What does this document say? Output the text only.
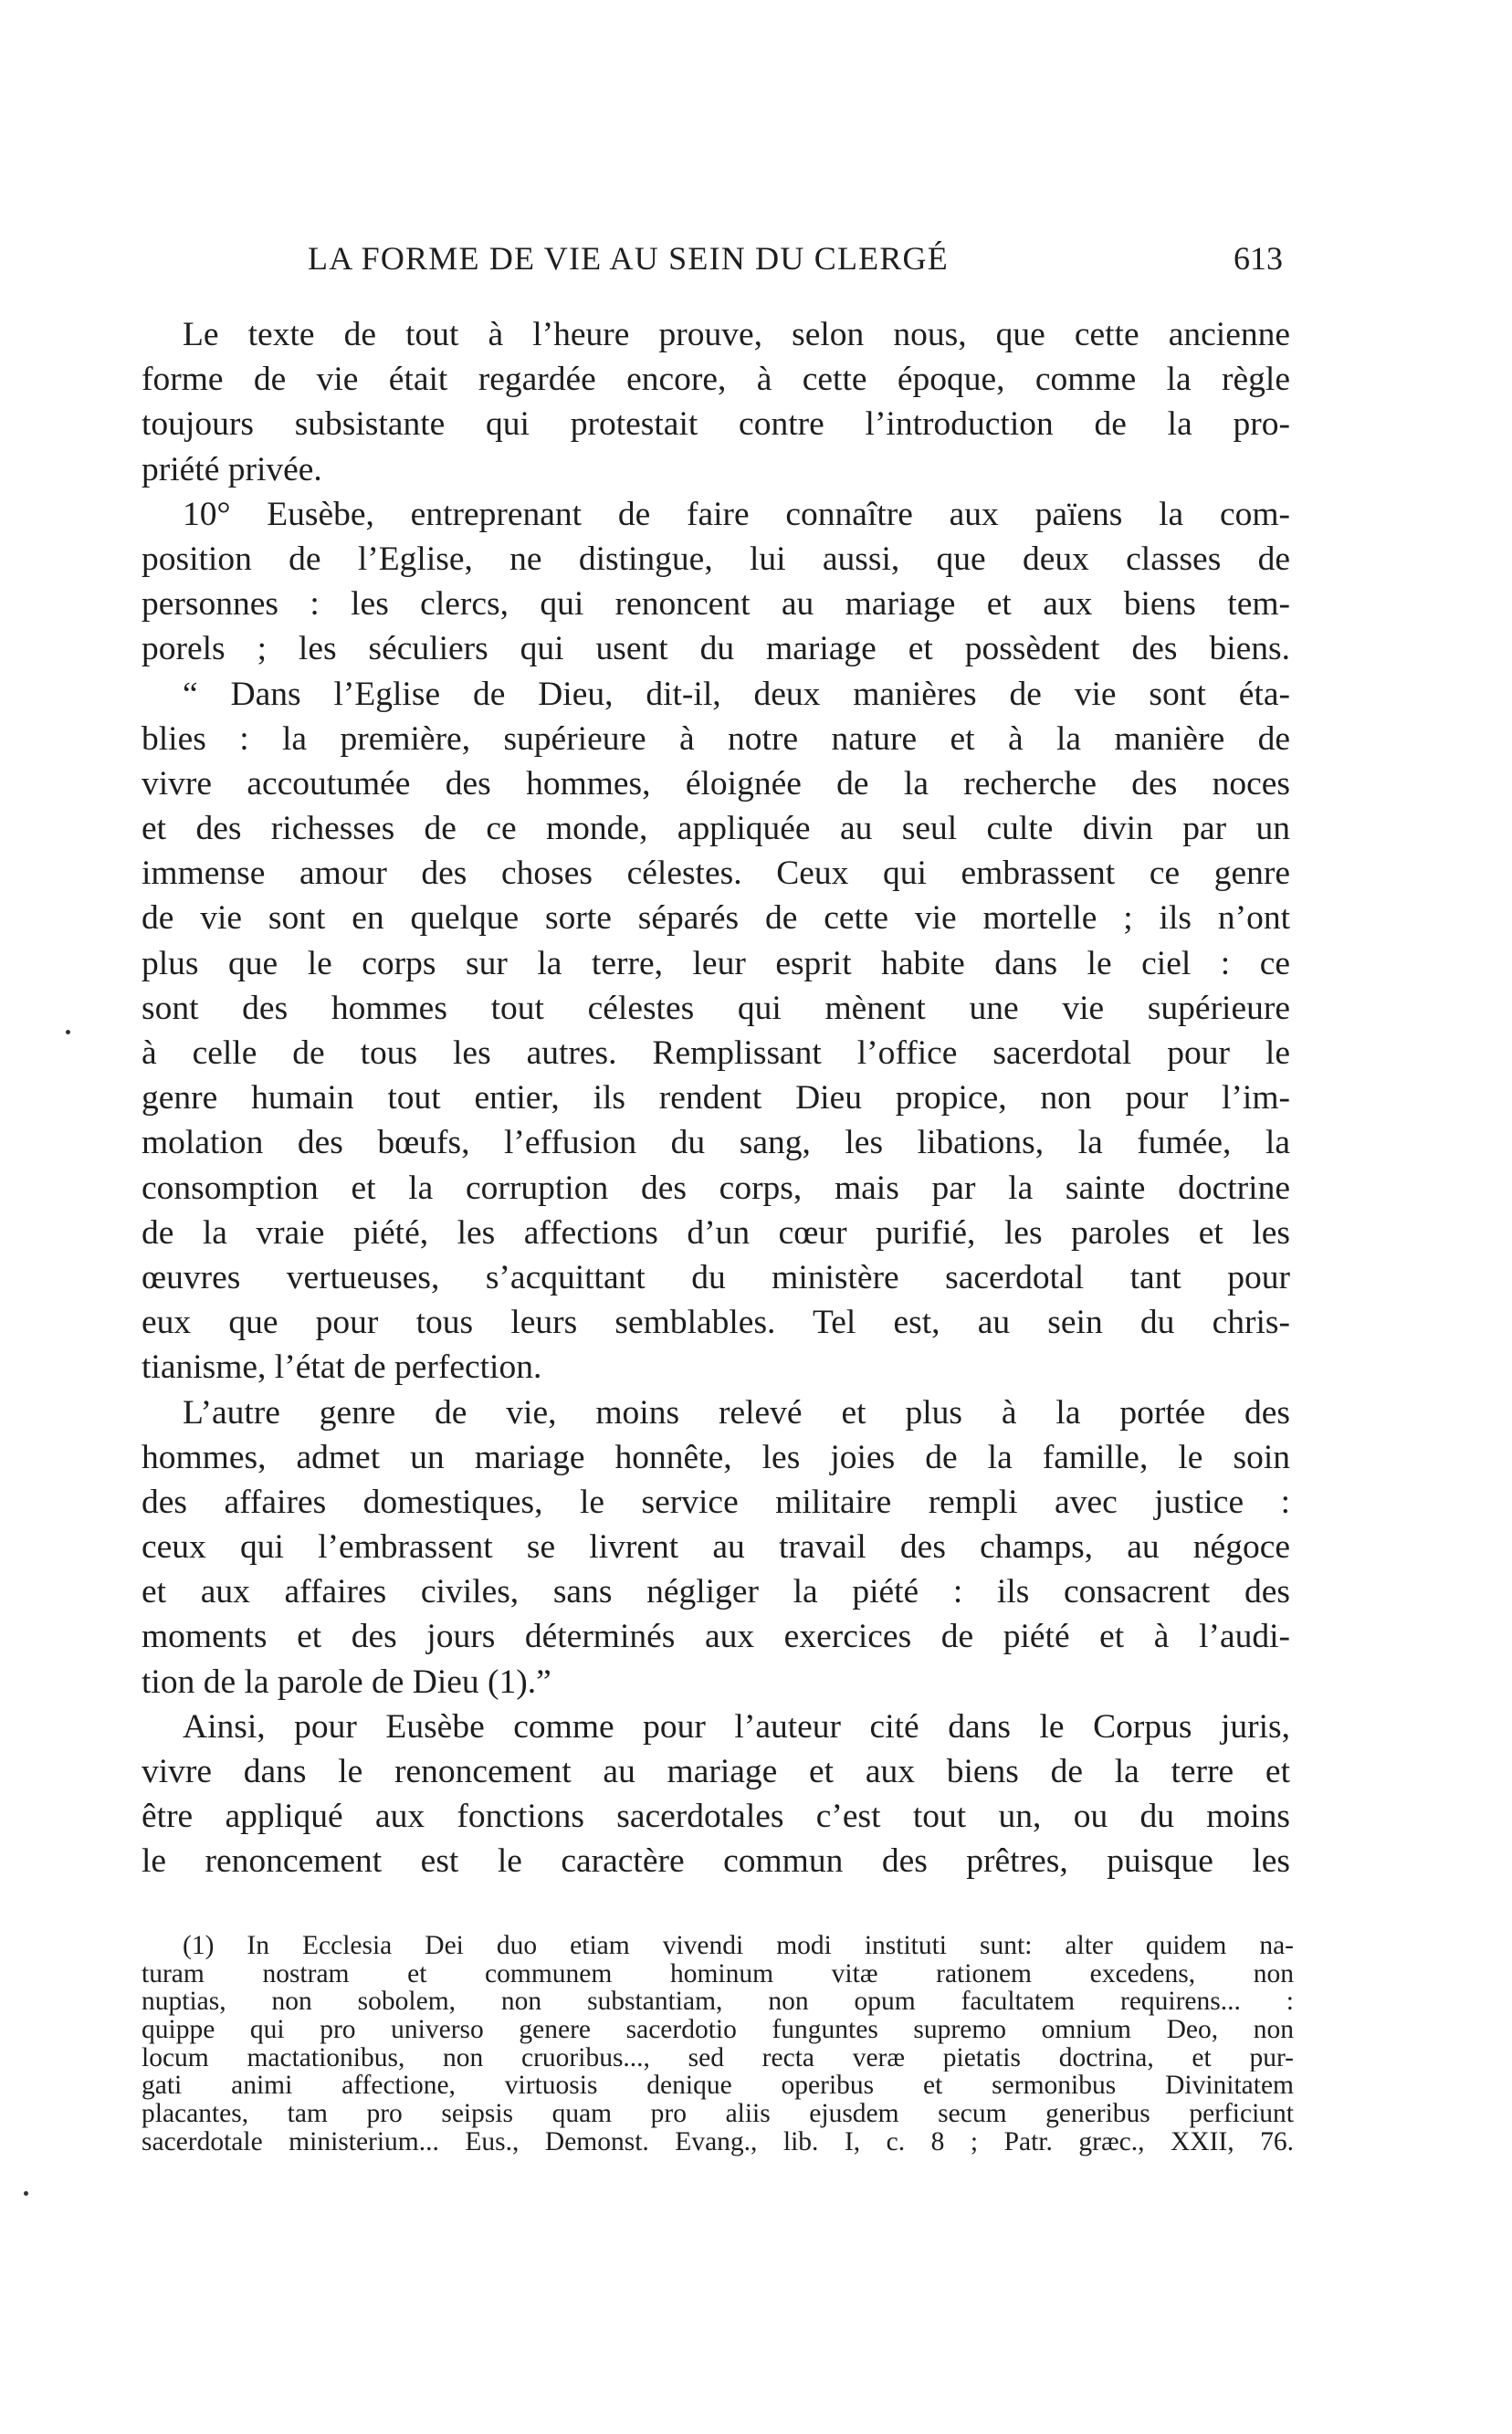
LA FORME DE VIE AU SEIN DU CLERGÉ	613
Le texte de tout à l’heure prouve, selon nous, que cette ancienne
forme de vie était regardée encore, à cette époque, comme la règle
toujours subsistante qui protestait contre l’introduction de la pro-
priété privée.
10° Eusèbe, entreprenant de faire connaître aux païens la com-
position de l’Eglise, ne distingue, lui aussi, que deux classes de
personnes : les clercs, qui renoncent au mariage et aux biens tem-
porels ; les séculiers qui usent du mariage et possèdent des biens.
“ Dans l’Eglise de Dieu, dit-il, deux manières de vie sont éta-
blies : la première, supérieure à notre nature et à la manière de
vivre accoutumée des hommes, éloignée de la recherche des noces
et des richesses de ce monde, appliquée au seul culte divin par un
immense amour des choses célestes. Ceux qui embrassent ce genre
de vie sont en quelque sorte séparés de cette vie mortelle ; ils n’ont
plus que le corps sur la terre, leur esprit habite dans le ciel : ce
sont des hommes tout célestes qui mènent une vie supérieure
à celle de tous les autres. Remplissant l’office sacerdotal pour le
genre humain tout entier, ils rendent Dieu propice, non pour l’im-
molation des bœufs, l’effusion du sang, les libations, la fumée, la
consomption et la corruption des corps, mais par la sainte doctrine
de la vraie piété, les affections d’un cœur purifié, les paroles et les
œuvres vertueuses, s’acquittant du ministère sacerdotal tant pour
eux que pour tous leurs semblables. Tel est, au sein du chris-
tianisme, l’état de perfection.
L’autre genre de vie, moins relevé et plus à la portée des
hommes, admet un mariage honnête, les joies de la famille, le soin
des affaires domestiques, le service militaire rempli avec justice :
ceux qui l’embrassent se livrent au travail des champs, au négoce
et aux affaires civiles, sans négliger la piété : ils consacrent des
moments et des jours déterminés aux exercices de piété et à l’audi-
tion de la parole de Dieu (1).”
Ainsi, pour Eusèbe comme pour l’auteur cité dans le Corpus juris,
vivre dans le renoncement au mariage et aux biens de la terre et
être appliqué aux fonctions sacerdotales c’est tout un, ou du moins
le renoncement est le caractère commun des prêtres, puisque les
(1) In Ecclesia Dei duo etiam vivendi modi instituti sunt: alter quidem na-
turam nostram et communem hominum vitæ rationem excedens, non
nuptias, non sobolem, non substantiam, non opum facultatem requirens... :
quippe qui pro universo genere sacerdotio funguntes supremo omnium Deo, non
locum mactationibus, non cruoribus..., sed recta veræ pietatis doctrina, et pur-
gati animi affectione, virtuosis denique operibus et sermonibus Divinitatem
placantes, tam pro seipsis quam pro aliis ejusdem secum generibus perficiunt
sacerdotale ministerium... Eus., Demonst. Evang., lib. I, c. 8 ; Patr. græc., XXII, 76.
